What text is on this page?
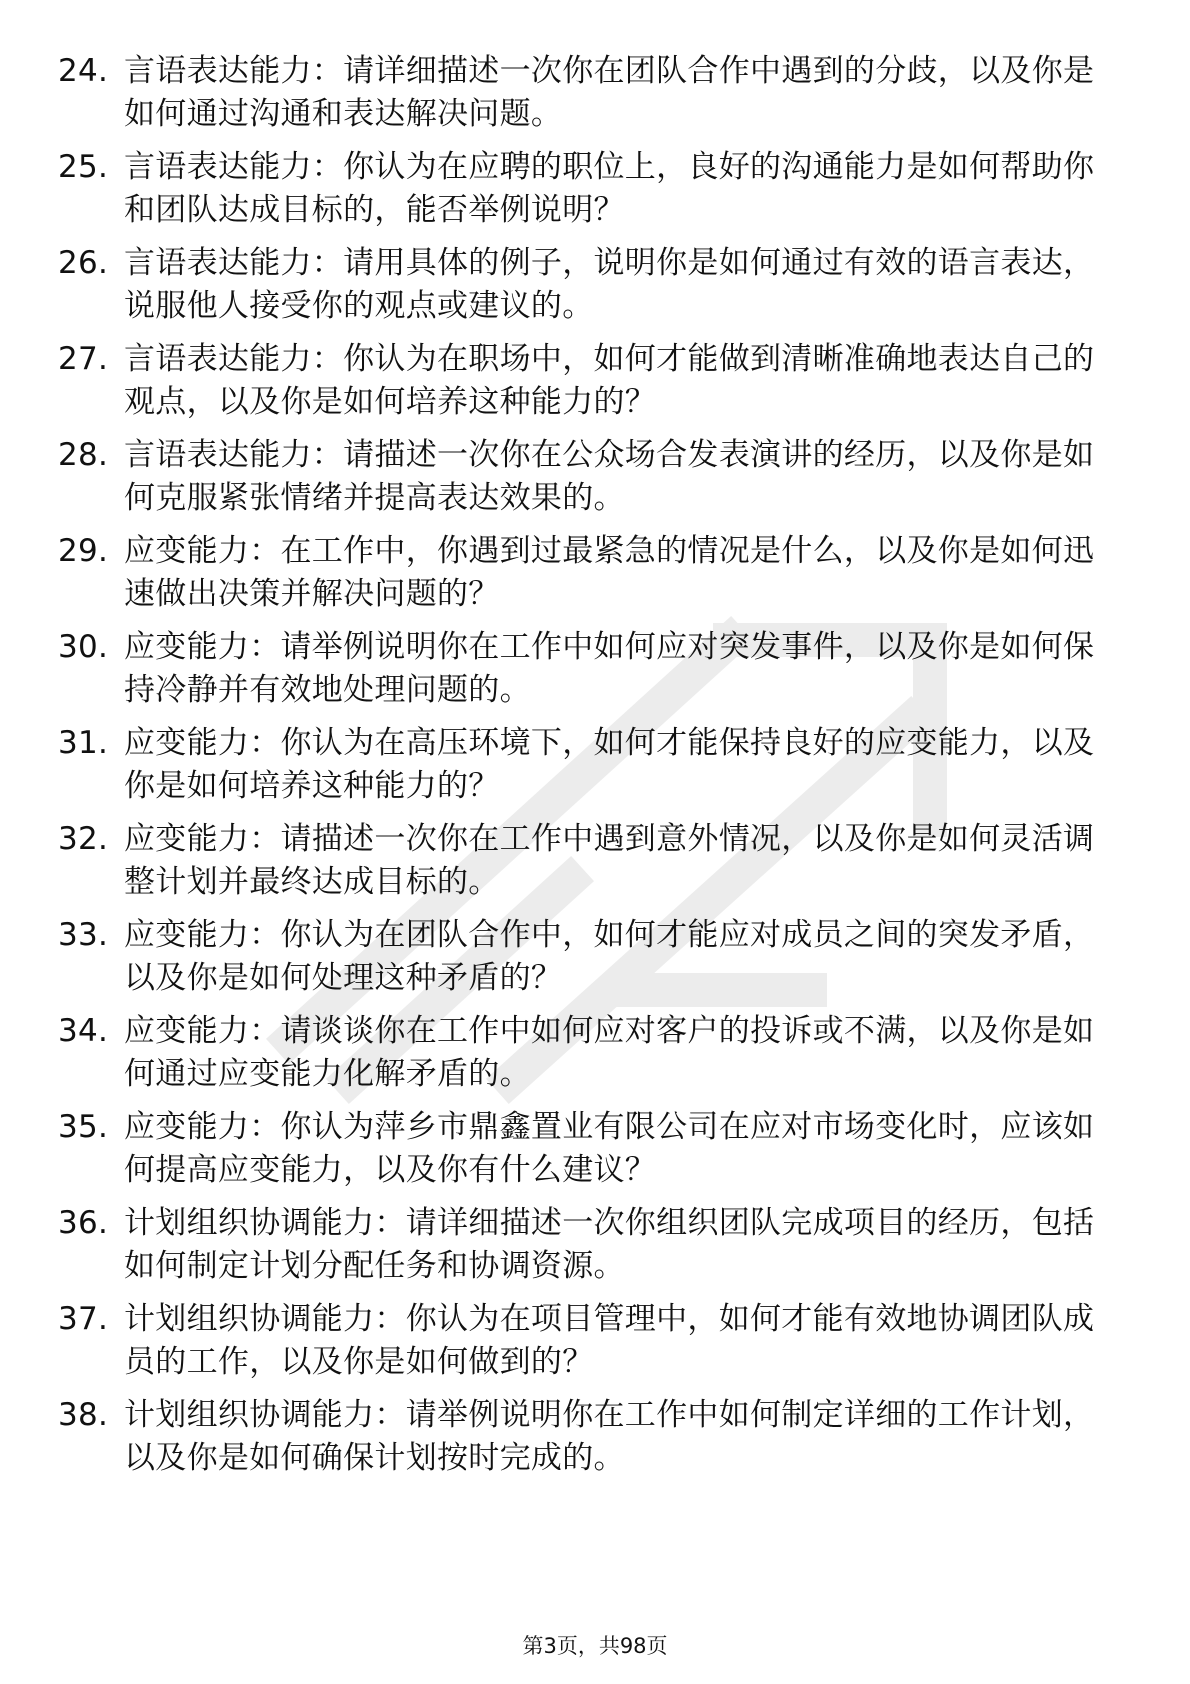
24. 言语表达能力：请详细描述一次你在团队合作中遇到的分歧，以及你是如何通过沟通和表达解决问题。
25. 言语表达能力：你认为在应聘的职位上，良好的沟通能力是如何帮助你和团队达成目标的，能否举例说明？
26. 言语表达能力：请用具体的例子，说明你是如何通过有效的语言表达，说服他人接受你的观点或建议的。
27. 言语表达能力：你认为在职场中，如何才能做到清晰准确地表达自己的观点，以及你是如何培养这种能力的？
28. 言语表达能力：请描述一次你在公众场合发表演讲的经历，以及你是如何克服紧张情绪并提高表达效果的。
29. 应变能力：在工作中，你遇到过最紧急的情况是什么，以及你是如何迅速做出决策并解决问题的？
30. 应变能力：请举例说明你在工作中如何应对突发事件，以及你是如何保持冷静并有效地处理问题的。
31. 应变能力：你认为在高压环境下，如何才能保持良好的应变能力，以及你是如何培养这种能力的？
32. 应变能力：请描述一次你在工作中遇到意外情况，以及你是如何灵活调整计划并最终达成目标的。
33. 应变能力：你认为在团队合作中，如何才能应对成员之间的突发矛盾，以及你是如何处理这种矛盾的？
34. 应变能力：请谈谈你在工作中如何应对客户的投诉或不满，以及你是如何通过应变能力化解矛盾的。
35. 应变能力：你认为萍乡市鼎鑫置业有限公司在应对市场变化时，应该如何提高应变能力，以及你有什么建议？
36. 计划组织协调能力：请详细描述一次你组织团队完成项目的经历，包括如何制定计划分配任务和协调资源。
37. 计划组织协调能力：你认为在项目管理中，如何才能有效地协调团队成员的工作，以及你是如何做到的？
38. 计划组织协调能力：请举例说明你在工作中如何制定详细的工作计划，以及你是如何确保计划按时完成的。
第3页，共98页
